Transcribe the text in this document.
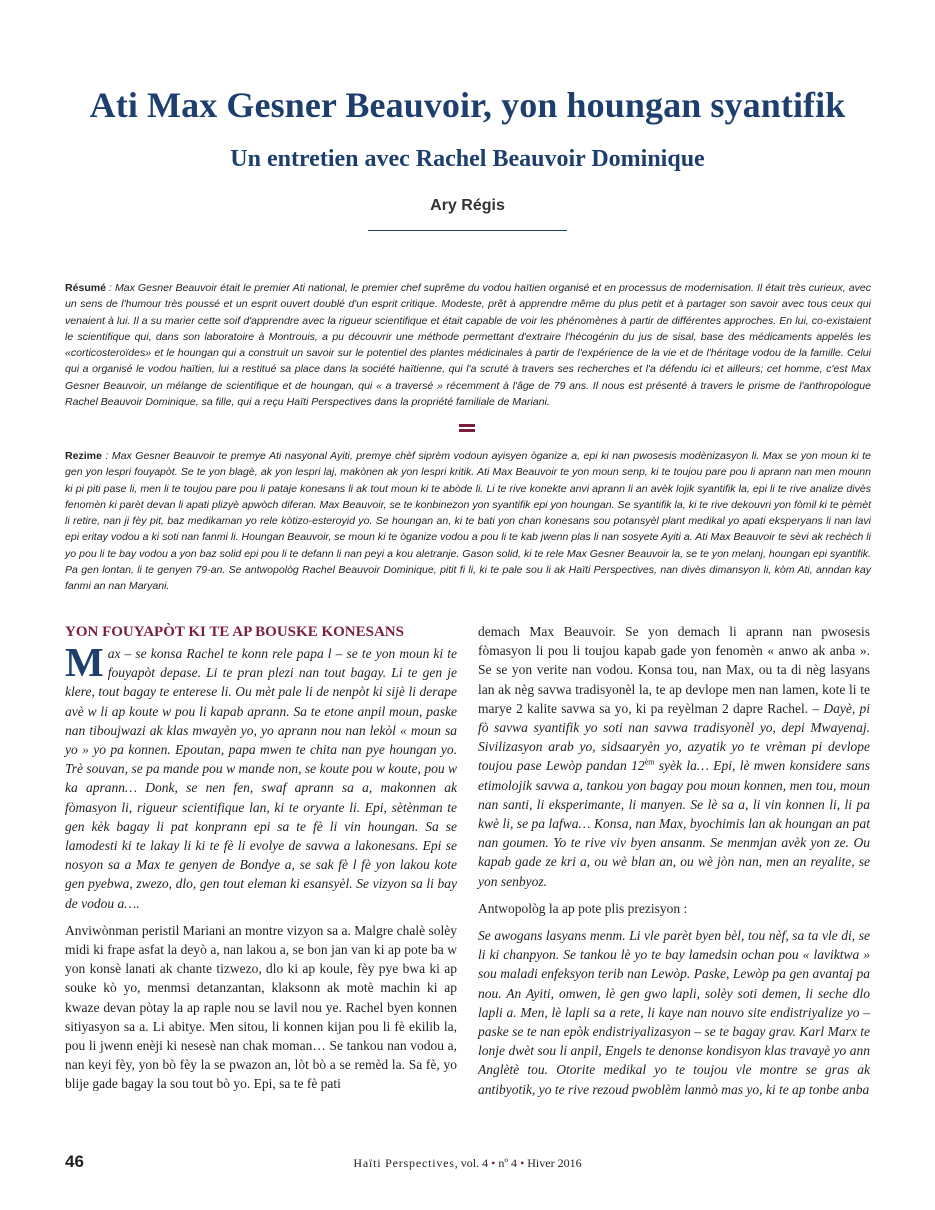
Ati Max Gesner Beauvoir, yon houngan syantifik
Un entretien avec Rachel Beauvoir Dominique
Ary Régis

Résumé : Max Gesner Beauvoir était le premier Ati national, le premier chef suprême du vodou haïtien organisé et en processus de modernisation. Il était très curieux, avec un sens de l'humour très poussé et un esprit ouvert doublé d'un esprit critique. Modeste, prêt à apprendre même du plus petit et à partager son savoir avec tous ceux qui venaient à lui. Il a su marier cette soif d'apprendre avec la rigueur scientifique et était capable de voir les phénomènes à partir de différentes approches. En lui, co-existaient le scientifique qui, dans son laboratoire à Montrouis, a pu découvrir une méthode permettant d'extraire l'hécogénin du jus de sisal, base des médicaments appelés les «corticosteroïdes» et le houngan qui a construit un savoir sur le potentiel des plantes médicinales à partir de l'expérience de la vie et de l'héritage vodou de la famille. Celui qui a organisé le vodou haïtien, lui a restitué sa place dans la société haïtienne, qui l'a scruté à travers ses recherches et l'a défendu ici et ailleurs; cet homme, c'est Max Gesner Beauvoir, un mélange de scientifique et de houngan, qui « a traversé » récemment à l'âge de 79 ans. Il nous est présenté à travers le prisme de l'anthropologue Rachel Beauvoir Dominique, sa fille, qui a reçu Haïti Perspectives dans la propriété familiale de Mariani.

Rezime : Max Gesner Beauvoir te premye Ati nasyonal Ayiti, premye chèf siprèm vodoun ayisyen òganize a, epi ki nan pwosesis modènizasyon li. Max se yon moun ki te gen yon lespri fouyapòt. Se te yon blagè, ak yon lespri laj, makònen ak yon lespri kritik. Ati Max Beauvoir te yon moun senp, ki te toujou pare pou li aprann nan men mounn ki pi piti pase li, men li te toujou pare pou li pataje konesans li ak tout moun ki te abòde li. Li te rive konekte anvi aprann li an avèk lojik syantifik la, epi li te rive analize divès fenomèn ki parèt devan li apati plizyè apwòch diferan. Max Beauvoir, se te konbinezon yon syantifik epi yon houngan. Se syantifik la, ki te rive dekouvri yon fòmil ki te pèmèt li retire, nan ji fèy pit, baz medikaman yo rele kòtizo-esteroyid yo. Se houngan an, ki te bati yon chan konesans sou potansyèl plant medikal yo apati eksperyans li nan lavi epi eritay vodou a ki soti nan fanmi li. Houngan Beauvoir, se moun ki te òganize vodou a pou li te kab jwenn plas li nan sosyete Ayiti a. Ati Max Beauvoir te sèvi ak rechèch li yo pou li te bay vodou a yon baz solid epi pou li te defann li nan peyi a kou aletranje. Gason solid, ki te rele Max Gesner Beauvoir la, se te yon melanj, houngan epi syantifik. Pa gen lontan, li te genyen 79-an. Se antwopològ Rachel Beauvoir Dominique, pitit fi li, ki te pale sou li ak Haïti Perspectives, nan divès dimansyon li, kòm Ati, anndan kay fanmi an nan Maryani.

YON FOUYAPÒT KI TE AP BOUSKE KONESANS

Max – se konsa Rachel te konn rele papa l – se te yon moun ki te fouyapòt depase. Li te pran plezi nan tout bagay. Li te gen je klere, tout bagay te enterese li. Ou mèt pale li de nenpòt ki sijè li derape avè w li ap koute w pou li kapab aprann. Sa te etone anpil moun, paske nan tiboujwazi ak klas mwayèn yo, yo aprann nou nan lekòl « moun sa yo » yo pa konnen. Epoutan, papa mwen te chita nan pye houngan yo. Trè souvan, se pa mande pou w mande non, se koute pou w koute, pou w ka aprann… Donk, se nen fen, swaf aprann sa a, makonnen ak fòmasyon li, rigueur scientifique lan, ki te oryante li. Epi, sètènman te gen kèk bagay li pat konprann epi sa te fè li vin houngan. Sa se lamodesti ki te lakay li ki te fè li evolye de savwa a lakonesans. Epi se nosyon sa a Max te genyen de Bondye a, se sak fè l fè yon lakou kote gen pyebwa, zwezo, dlo, gen tout eleman ki esansyèl. Se vizyon sa li bay de vodou a….

Anviwònman peristil Mariani an montre vizyon sa a. Malgre chalè solèy midi ki frape asfat la deyò a, nan lakou a, se bon jan van ki ap pote ba w yon konsè lanati ak chante tizwezo, dlo ki ap koule, fèy pye bwa ki ap souke kò yo, menmsi detanzantan, klaksonn ak motè machin ki ap kwaze devan pòtay la ap raple nou se lavil nou ye. Rachel byen konnen sitiyasyon sa a. Li abitye. Men sitou, li konnen kijan pou li fè ekilib la, pou li jwenn enèji ki nesesè nan chak moman… Se tankou nan vodou a, nan keyi fèy, yon bò fèy la se pwazon an, lòt bò a se remèd la. Sa fè, yo blije gade bagay la sou tout bò yo. Epi, sa te fè pati

demach Max Beauvoir. Se yon demach li aprann nan pwosesis fòmasyon li pou li toujou kapab gade yon fenomèn « anwo ak anba ». Se se yon verite nan vodou. Konsa tou, nan Max, ou ta di nèg lasyans lan ak nèg savwa tradisyonèl la, te ap devlope men nan lamen, kote li te marye 2 kalite savwa sa yo, ki pa reyèlman 2 dapre Rachel. – Dayè, pi fò savwa syantifik yo soti nan savwa tradisyonèl yo, depi Mwayenaj. Sivilizasyon arab yo, sidsaaryèn yo, azyatik yo te vrèman pi devlope toujou pase Lewòp pandan $12^{èm}$ syèk la… Epi, lè mwen konsidere sans etimolojik savwa a, tankou yon bagay pou moun konnen, men tou, moun nan santi, li eksperimante, li manyen. Se lè sa a, li vin konnen li, li pa kwè li, se pa lafwa… Konsa, nan Max, byochimis lan ak houngan an pat nan goumen. Yo te rive viv byen ansanm. Se menmjan avèk yon ze. Ou kapab gade ze kri a, ou wè blan an, ou wè jòn nan, men an reyalite, se yon senbyoz.

Antwopològ la ap pote plis prezisyon :

Se awogans lasyans menm. Li vle parèt byen bèl, tou nèf, sa ta vle di, se li ki chanpyon. Se tankou lè yo te bay lamedsin ochan pou « laviktwa » sou maladi enfeksyon terib nan Lewòp. Paske, Lewòp pa gen avantaj pa nou. An Ayiti, omwen, lè gen gwo lapli, solèy soti demen, li seche dlo lapli a. Men, lè lapli sa a rete, li kaye nan nouvo site endistriyalize yo – paske se te nan epòk endistriyalizasyon – se te bagay grav. Karl Marx te lonje dwèt sou li anpil, Engels te denonse kondisyon klas travayè yo ann Anglètè tou. Otorite medikal yo te toujou vle montre se gras ak antibyotik, yo te rive rezoud pwoblèm lanmò mas yo, ki te ap tonbe anba

46	Haïti Perspectives, vol. 4 • nº 4 • Hiver 2016
